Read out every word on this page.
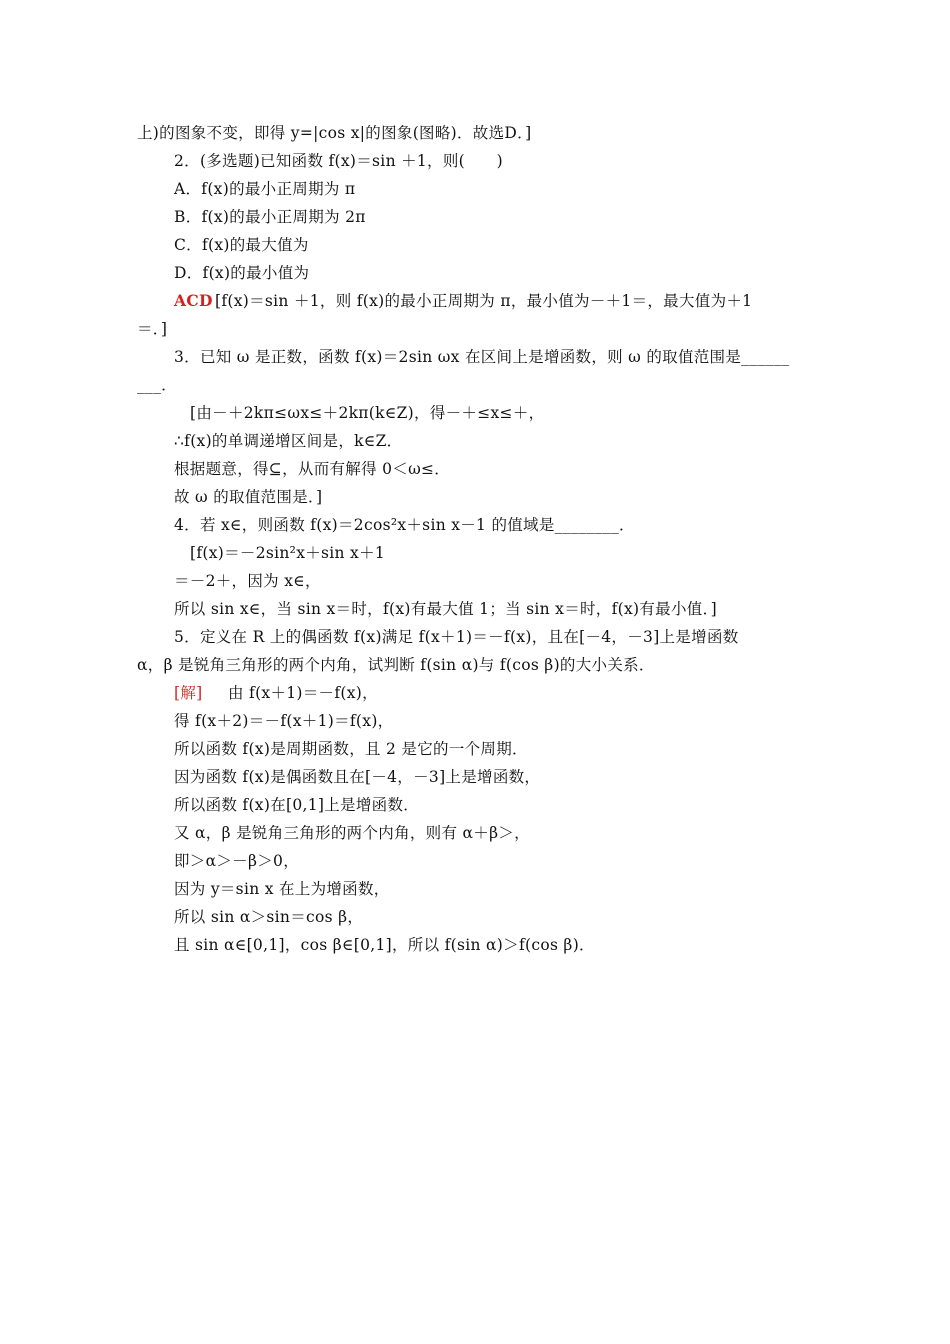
上)的图象不变，即得 y=|cos x|的图象(图略)．故选D．]
2．(多选题)已知函数 f(x)＝sin ＋1，则(　　)
A．f(x)的最小正周期为 π
B．f(x)的最小正周期为 2π
C．f(x)的最大值为
D．f(x)的最小值为
ACD [f(x)＝sin ＋1，则 f(x)的最小正周期为 π，最小值为－＋1＝，最大值为＋1
＝．]
3．已知 ω 是正数，函数 f(x)＝2sin ωx 在区间上是增函数，则 ω 的取值范围是______
___．
[由－＋2kπ≤ωx≤＋2kπ(k∈Z)，得－＋≤x≤＋，
∴f(x)的单调递增区间是，k∈Z．
根据题意，得⊆，从而有解得 0＜ω≤．
故 ω 的取值范围是．]
4．若 x∈，则函数 f(x)＝2cos²x＋sin x－1 的值域是________．
[f(x)＝－2sin²x＋sin x＋1
＝－2＋，因为 x∈，
所以 sin x∈，当 sin x＝时，f(x)有最大值 1；当 sin x＝时，f(x)有最小值．]
5．定义在 R 上的偶函数 f(x)满足 f(x＋1)＝－f(x)，且在[－4，－3]上是增函数
α，β 是锐角三角形的两个内角，试判断 f(sin α)与 f(cos β)的大小关系．
[解] 由 f(x＋1)＝－f(x)，
得 f(x＋2)＝－f(x＋1)＝f(x)，
所以函数 f(x)是周期函数，且 2 是它的一个周期．
因为函数 f(x)是偶函数且在[－4，－3]上是增函数，
所以函数 f(x)在[0,1]上是增函数．
又 α，β 是锐角三角形的两个内角，则有 α＋β＞，
即＞α＞－β＞0，
因为 y＝sin x 在上为增函数，
所以 sin α＞sin＝cos β，
且 sin α∈[0,1]，cos β∈[0,1]，所以 f(sin α)＞f(cos β)．
